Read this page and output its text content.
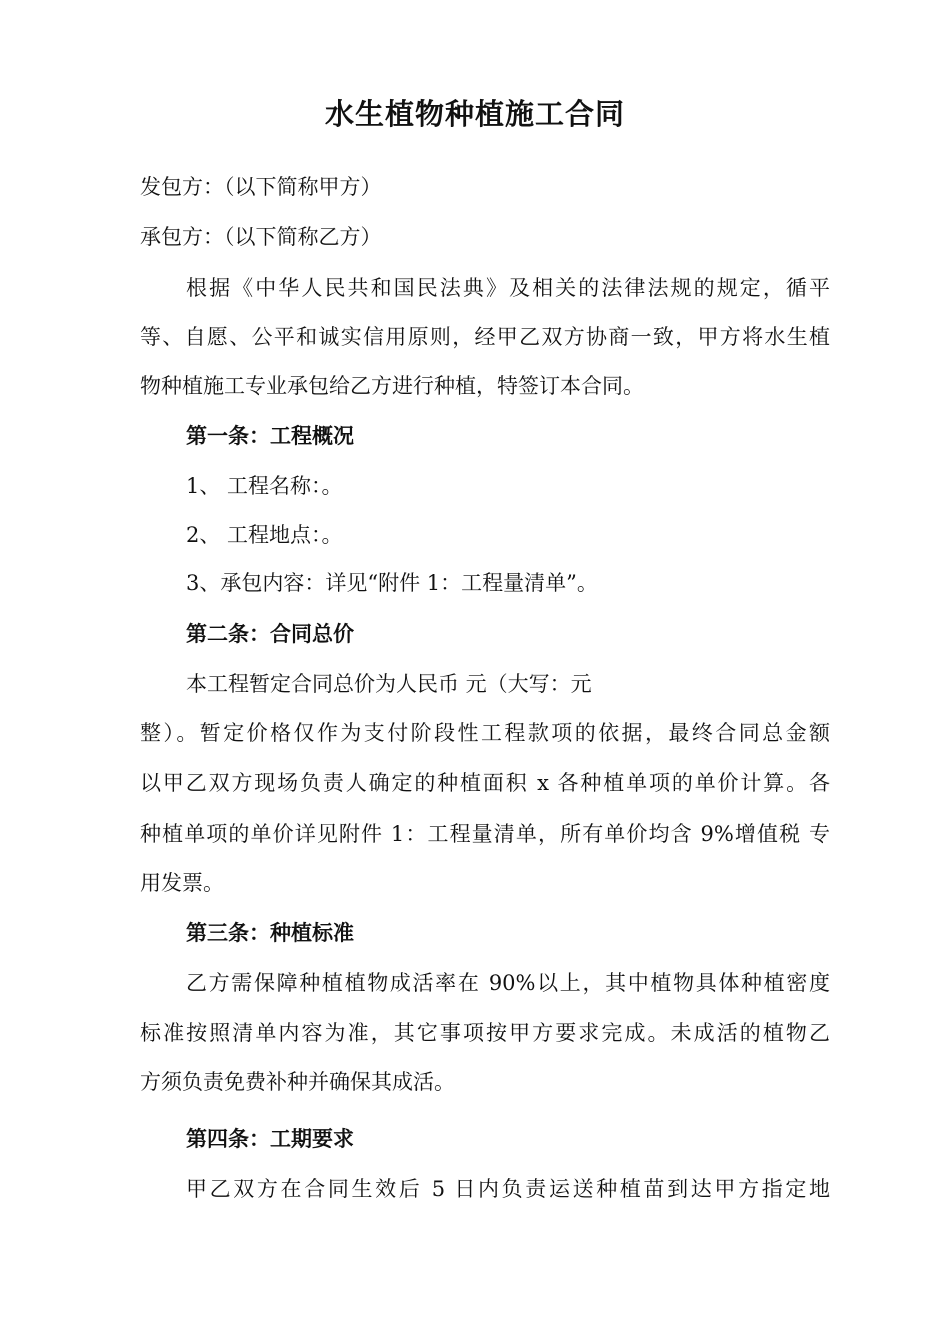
水生植物种植施工合同

发包方：（以下简称甲方）

承包方：（以下简称乙方）

根据《中华人民共和国民法典》及相关的法律法规的规定，循平

等、自愿、公平和诚实信用原则，经甲乙双方协商一致，甲方将水生植

物种植施工专业承包给乙方进行种植，特签订本合同。

第一条：工程概况

1、 工程名称：。

2、 工程地点：。

3、承包内容：详见“附件 1：工程量清单”。

第二条：合同总价

本工程暂定合同总价为人民币 元（大写：元

整）。暂定价格仅作为支付阶段性工程款项的依据，最终合同总金额

以甲乙双方现场负责人确定的种植面积 x 各种植单项的单价计算。各

种植单项的单价详见附件 1：工程量清单，所有单价均含 9%增值税 专

用发票。

第三条：种植标准

乙方需保障种植植物成活率在 90%以上，其中植物具体种植密度

标准按照清单内容为准，其它事项按甲方要求完成。未成活的植物乙

方须负责免费补种并确保其成活。

第四条：工期要求

甲乙双方在合同生效后 5 日内负责运送种植苗到达甲方指定地
